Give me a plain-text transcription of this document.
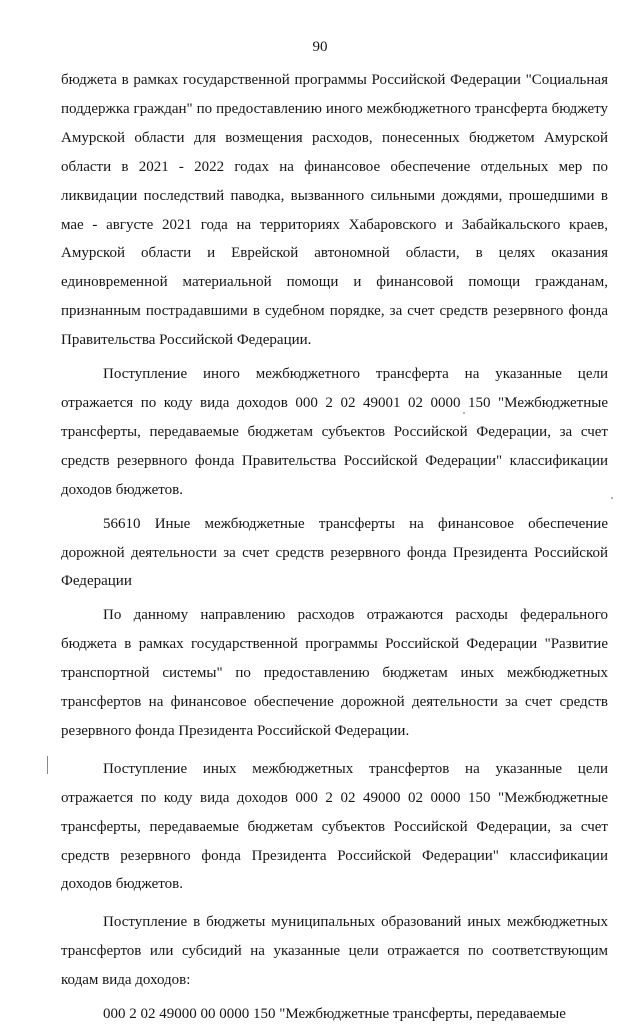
90

бюджета в рамках государственной программы Российской Федерации "Социальная поддержка граждан" по предоставлению иного межбюджетного трансферта бюджету Амурской области для возмещения расходов, понесенных бюджетом Амурской области в 2021 - 2022 годах на финансовое обеспечение отдельных мер по ликвидации последствий паводка, вызванного сильными дождями, прошедшими в мае - августе 2021 года на территориях Хабаровского и Забайкальского краев, Амурской области и Еврейской автономной области, в целях оказания единовременной материальной помощи и финансовой помощи гражданам, признанным пострадавшими в судебном порядке, за счет средств резервного фонда Правительства Российской Федерации.

Поступление иного межбюджетного трансферта на указанные цели отражается по коду вида доходов 000 2 02 49001 02 0000 150 "Межбюджетные трансферты, передаваемые бюджетам субъектов Российской Федерации, за счет средств резервного фонда Правительства Российской Федерации" классификации доходов бюджетов.

56610 Иные межбюджетные трансферты на финансовое обеспечение дорожной деятельности за счет средств резервного фонда Президента Российской Федерации

По данному направлению расходов отражаются расходы федерального бюджета в рамках государственной программы Российской Федерации "Развитие транспортной системы" по предоставлению бюджетам иных межбюджетных трансфертов на финансовое обеспечение дорожной деятельности за счет средств резервного фонда Президента Российской Федерации.

Поступление иных межбюджетных трансфертов на указанные цели отражается по коду вида доходов 000 2 02 49000 02 0000 150 "Межбюджетные трансферты, передаваемые бюджетам субъектов Российской Федерации, за счет средств резервного фонда Президента Российской Федерации" классификации доходов бюджетов.

Поступление в бюджеты муниципальных образований иных межбюджетных трансфертов или субсидий на указанные цели отражается по соответствующим кодам вида доходов:

000 2 02 49000 00 0000 150 "Межбюджетные трансферты, передаваемые
